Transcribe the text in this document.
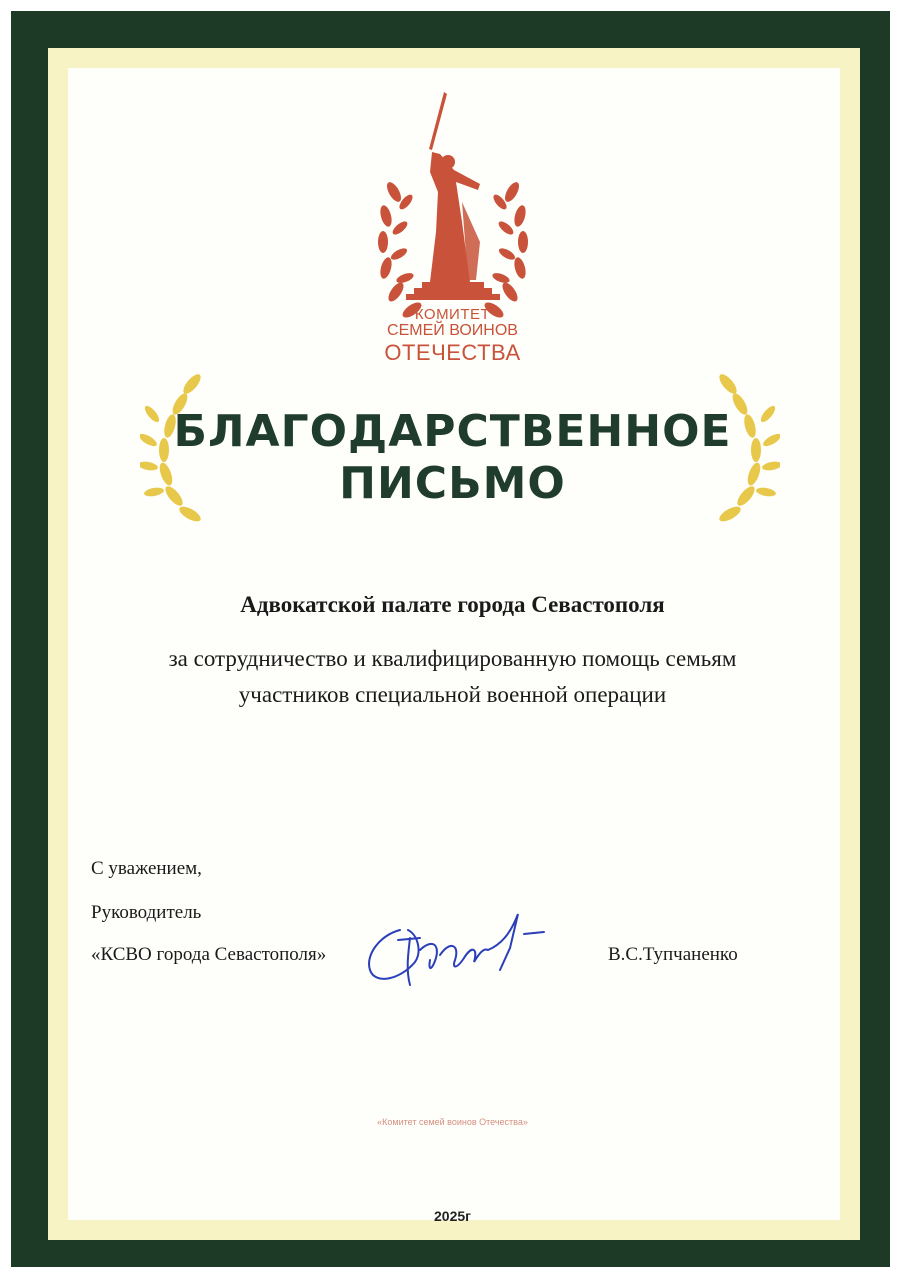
КОМИТЕТ
СЕМЕЙ ВОИНОВ
ОТЕЧЕСТВА
БЛАГОДАРСТВЕННОЕ
ПИСЬМО
Адвокатской палате города Севастополя
за сотрудничество и квалифицированную помощь семьям
участников специальной военной операции
С уважением,
Руководитель
«КСВО города Севастополя»	В.С.Тупчаненко
«Комитет семей воинов Отечества»
2025г
